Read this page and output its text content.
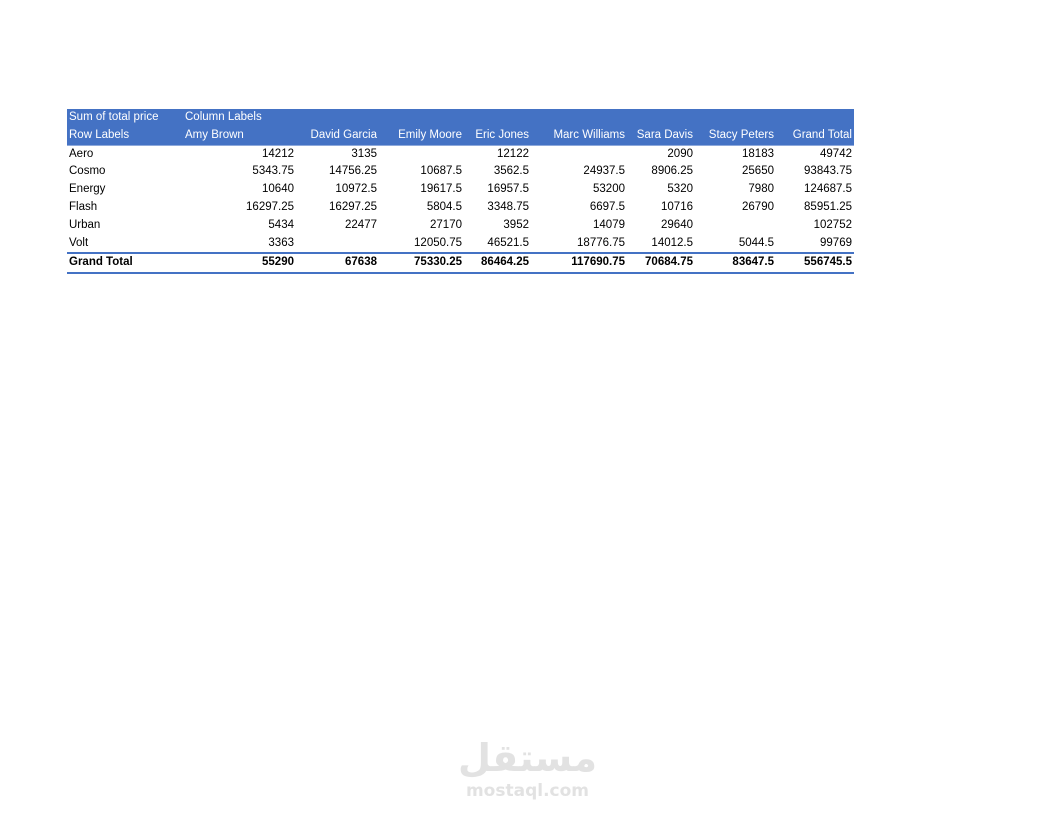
Sum of total price	Column Labels							
Row Labels	Amy Brown	David Garcia	Emily Moore	Eric Jones	Marc Williams	Sara Davis	Stacy Peters	Grand Total
Aero	14212	3135		12122		2090	18183	49742
Cosmo	5343.75	14756.25	10687.5	3562.5	24937.5	8906.25	25650	93843.75
Energy	10640	10972.5	19617.5	16957.5	53200	5320	7980	124687.5
Flash	16297.25	16297.25	5804.5	3348.75	6697.5	10716	26790	85951.25
Urban	5434	22477	27170	3952	14079	29640		102752
Volt	3363		12050.75	46521.5	18776.75	14012.5	5044.5	99769
Grand Total	55290	67638	75330.25	86464.25	117690.75	70684.75	83647.5	556745.5
مستقل
mostaql.com
